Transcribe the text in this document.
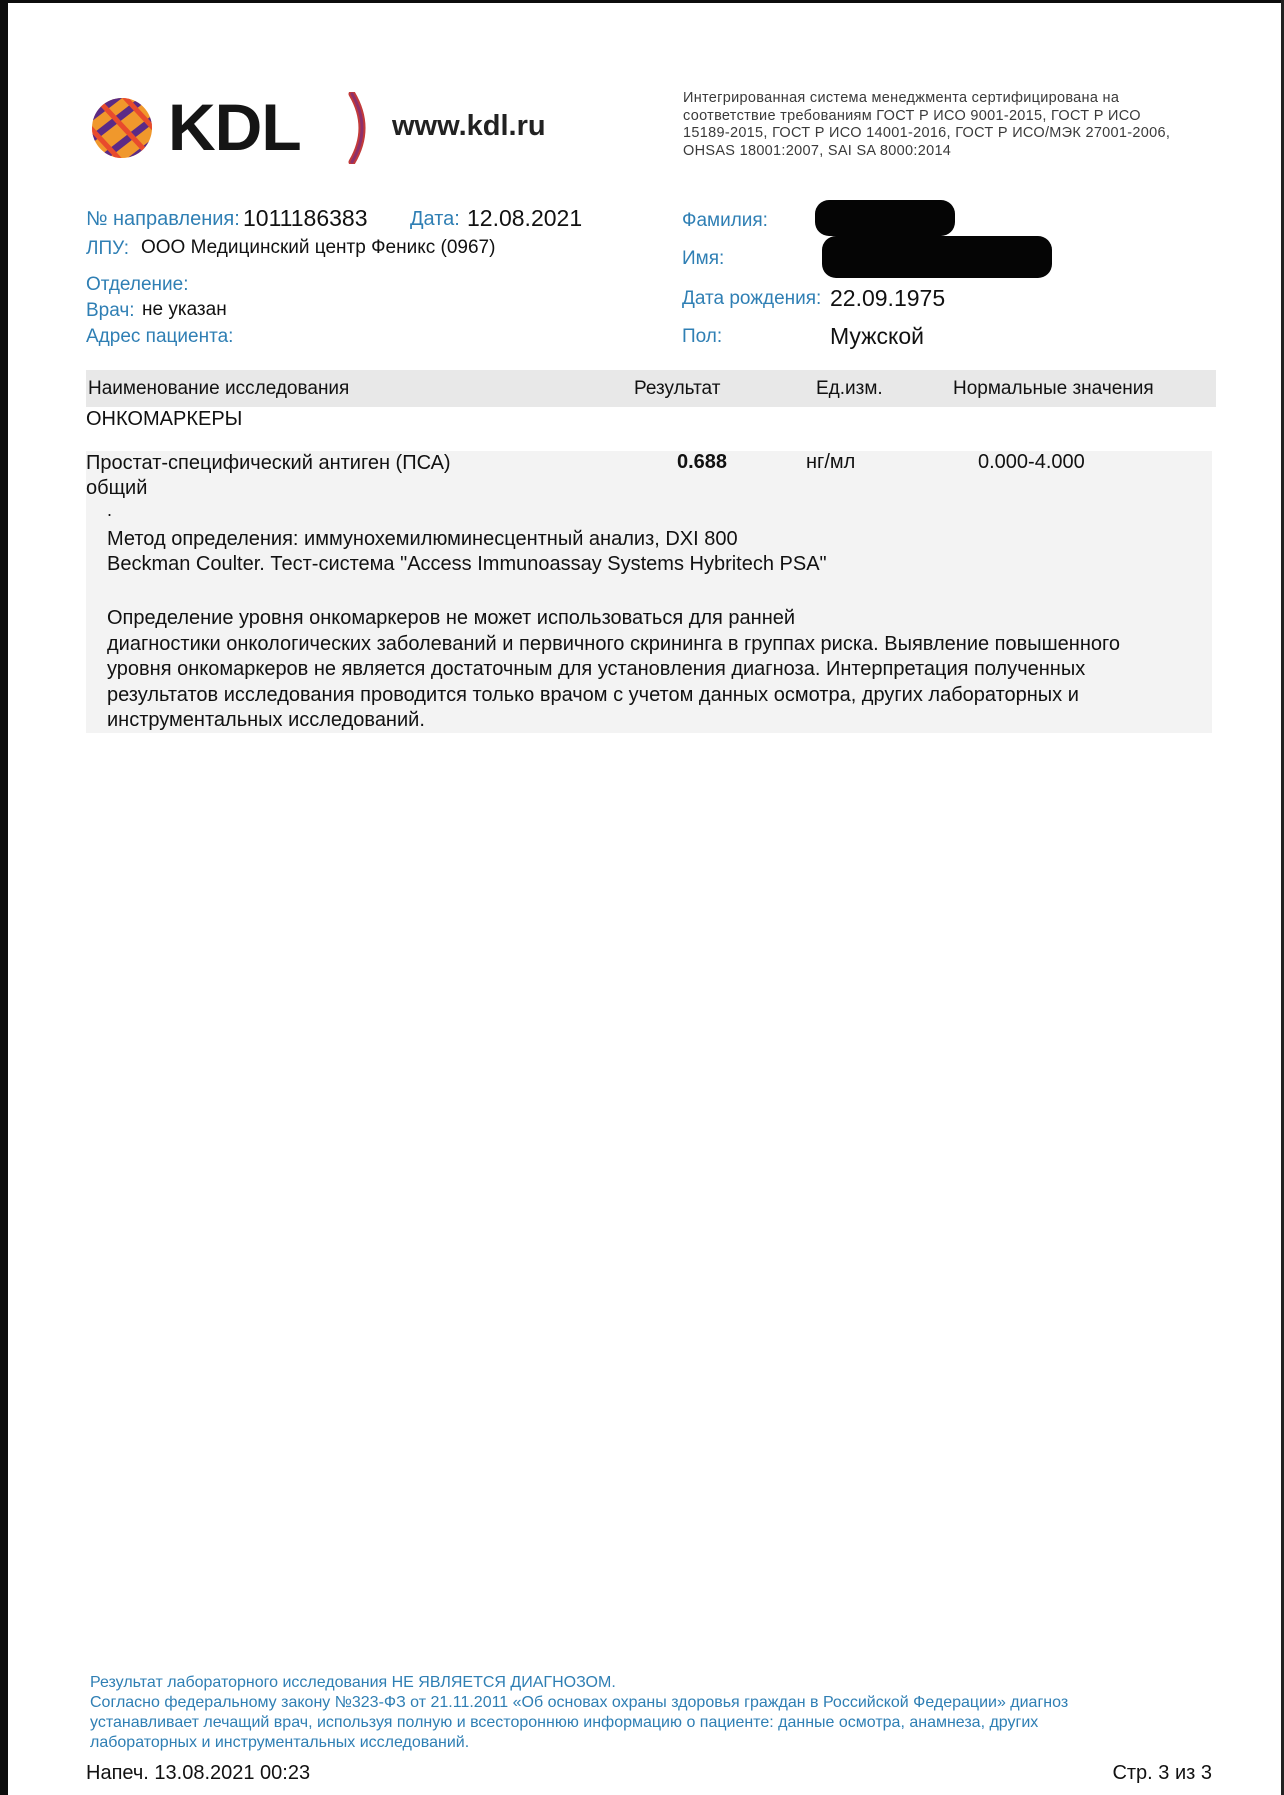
KDL	www.kdl.ru
Интегрированная система менеджмента сертифицирована на
соответствие требованиям ГОСТ Р ИСО 9001-2015, ГОСТ Р ИСО
15189-2015, ГОСТ Р ИСО 14001-2016, ГОСТ Р ИСО/МЭК 27001-2006,
OHSAS 18001:2007, SAI SA 8000:2014
№ направления: 1011186383 Дата: 12.08.2021
ЛПУ: ООО Медицинский центр Феникс (0967)
Отделение:
Врач: не указан
Адрес пациента:
Фамилия:
Имя:
Дата рождения: 22.09.1975
Пол:	Мужской
Наименование исследования	Результат	Ед.изм.	Нормальные значения
ОНКОМАРКЕРЫ
Простат-специфический антиген (ПСА)
общий
0.688	нг/мл	0.000-4.000
.
Метод определения: иммунохемилюминесцентный анализ, DXI 800
Beckman Coulter. Тест-система "Access Immunoassay Systems Hybritech PSA"
Определение уровня онкомаркеров не может использоваться для ранней
диагностики онкологических заболеваний и первичного скрининга в группах риска. Выявление повышенного
уровня онкомаркеров не является достаточным для установления диагноза. Интерпретация полученных
результатов исследования проводится только врачом с учетом данных осмотра, других лабораторных и
инструментальных исследований.
Результат лабораторного исследования НЕ ЯВЛЯЕТСЯ ДИАГНОЗОМ.
Согласно федеральному закону №323-ФЗ от 21.11.2011 «Об основах охраны здоровья граждан в Российской Федерации» диагноз
устанавливает лечащий врач, используя полную и всестороннюю информацию о пациенте: данные осмотра, анамнеза, других
лабораторных и инструментальных исследований.
Напеч. 13.08.2021 00:23	Стр. 3 из 3
